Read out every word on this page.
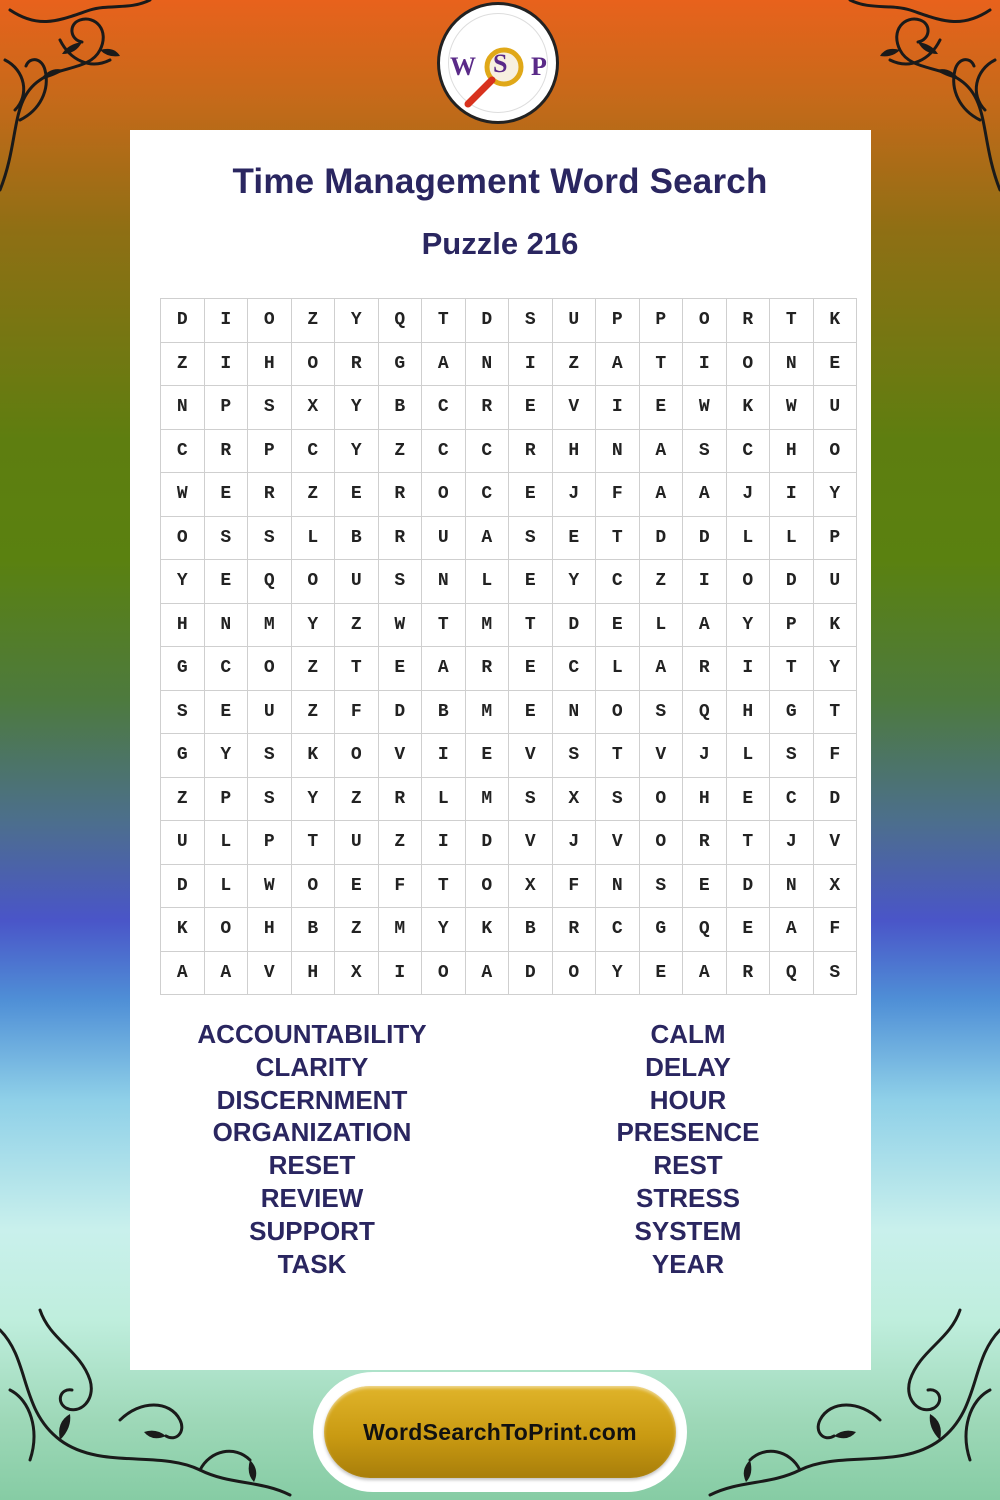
W S P
Time Management Word Search
Puzzle 216
D	I	O	Z	Y	Q	T	D	S	U	P	P	O	R	T	K
Z	I	H	O	R	G	A	N	I	Z	A	T	I	O	N	E
N	P	S	X	Y	B	C	R	E	V	I	E	W	K	W	U
C	R	P	C	Y	Z	C	C	R	H	N	A	S	C	H	O
W	E	R	Z	E	R	O	C	E	J	F	A	A	J	I	Y
O	S	S	L	B	R	U	A	S	E	T	D	D	L	L	P
Y	E	Q	O	U	S	N	L	E	Y	C	Z	I	O	D	U
H	N	M	Y	Z	W	T	M	T	D	E	L	A	Y	P	K
G	C	O	Z	T	E	A	R	E	C	L	A	R	I	T	Y
S	E	U	Z	F	D	B	M	E	N	O	S	Q	H	G	T
G	Y	S	K	O	V	I	E	V	S	T	V	J	L	S	F
Z	P	S	Y	Z	R	L	M	S	X	S	O	H	E	C	D
U	L	P	T	U	Z	I	D	V	J	V	O	R	T	J	V
D	L	W	O	E	F	T	O	X	F	N	S	E	D	N	X
K	O	H	B	Z	M	Y	K	B	R	C	G	Q	E	A	F
A	A	V	H	X	I	O	A	D	O	Y	E	A	R	Q	S
ACCOUNTABILITY
CLARITY
DISCERNMENT
ORGANIZATION
RESET
REVIEW
SUPPORT
TASK
CALM
DELAY
HOUR
PRESENCE
REST
STRESS
SYSTEM
YEAR
WordSearchToPrint.com
